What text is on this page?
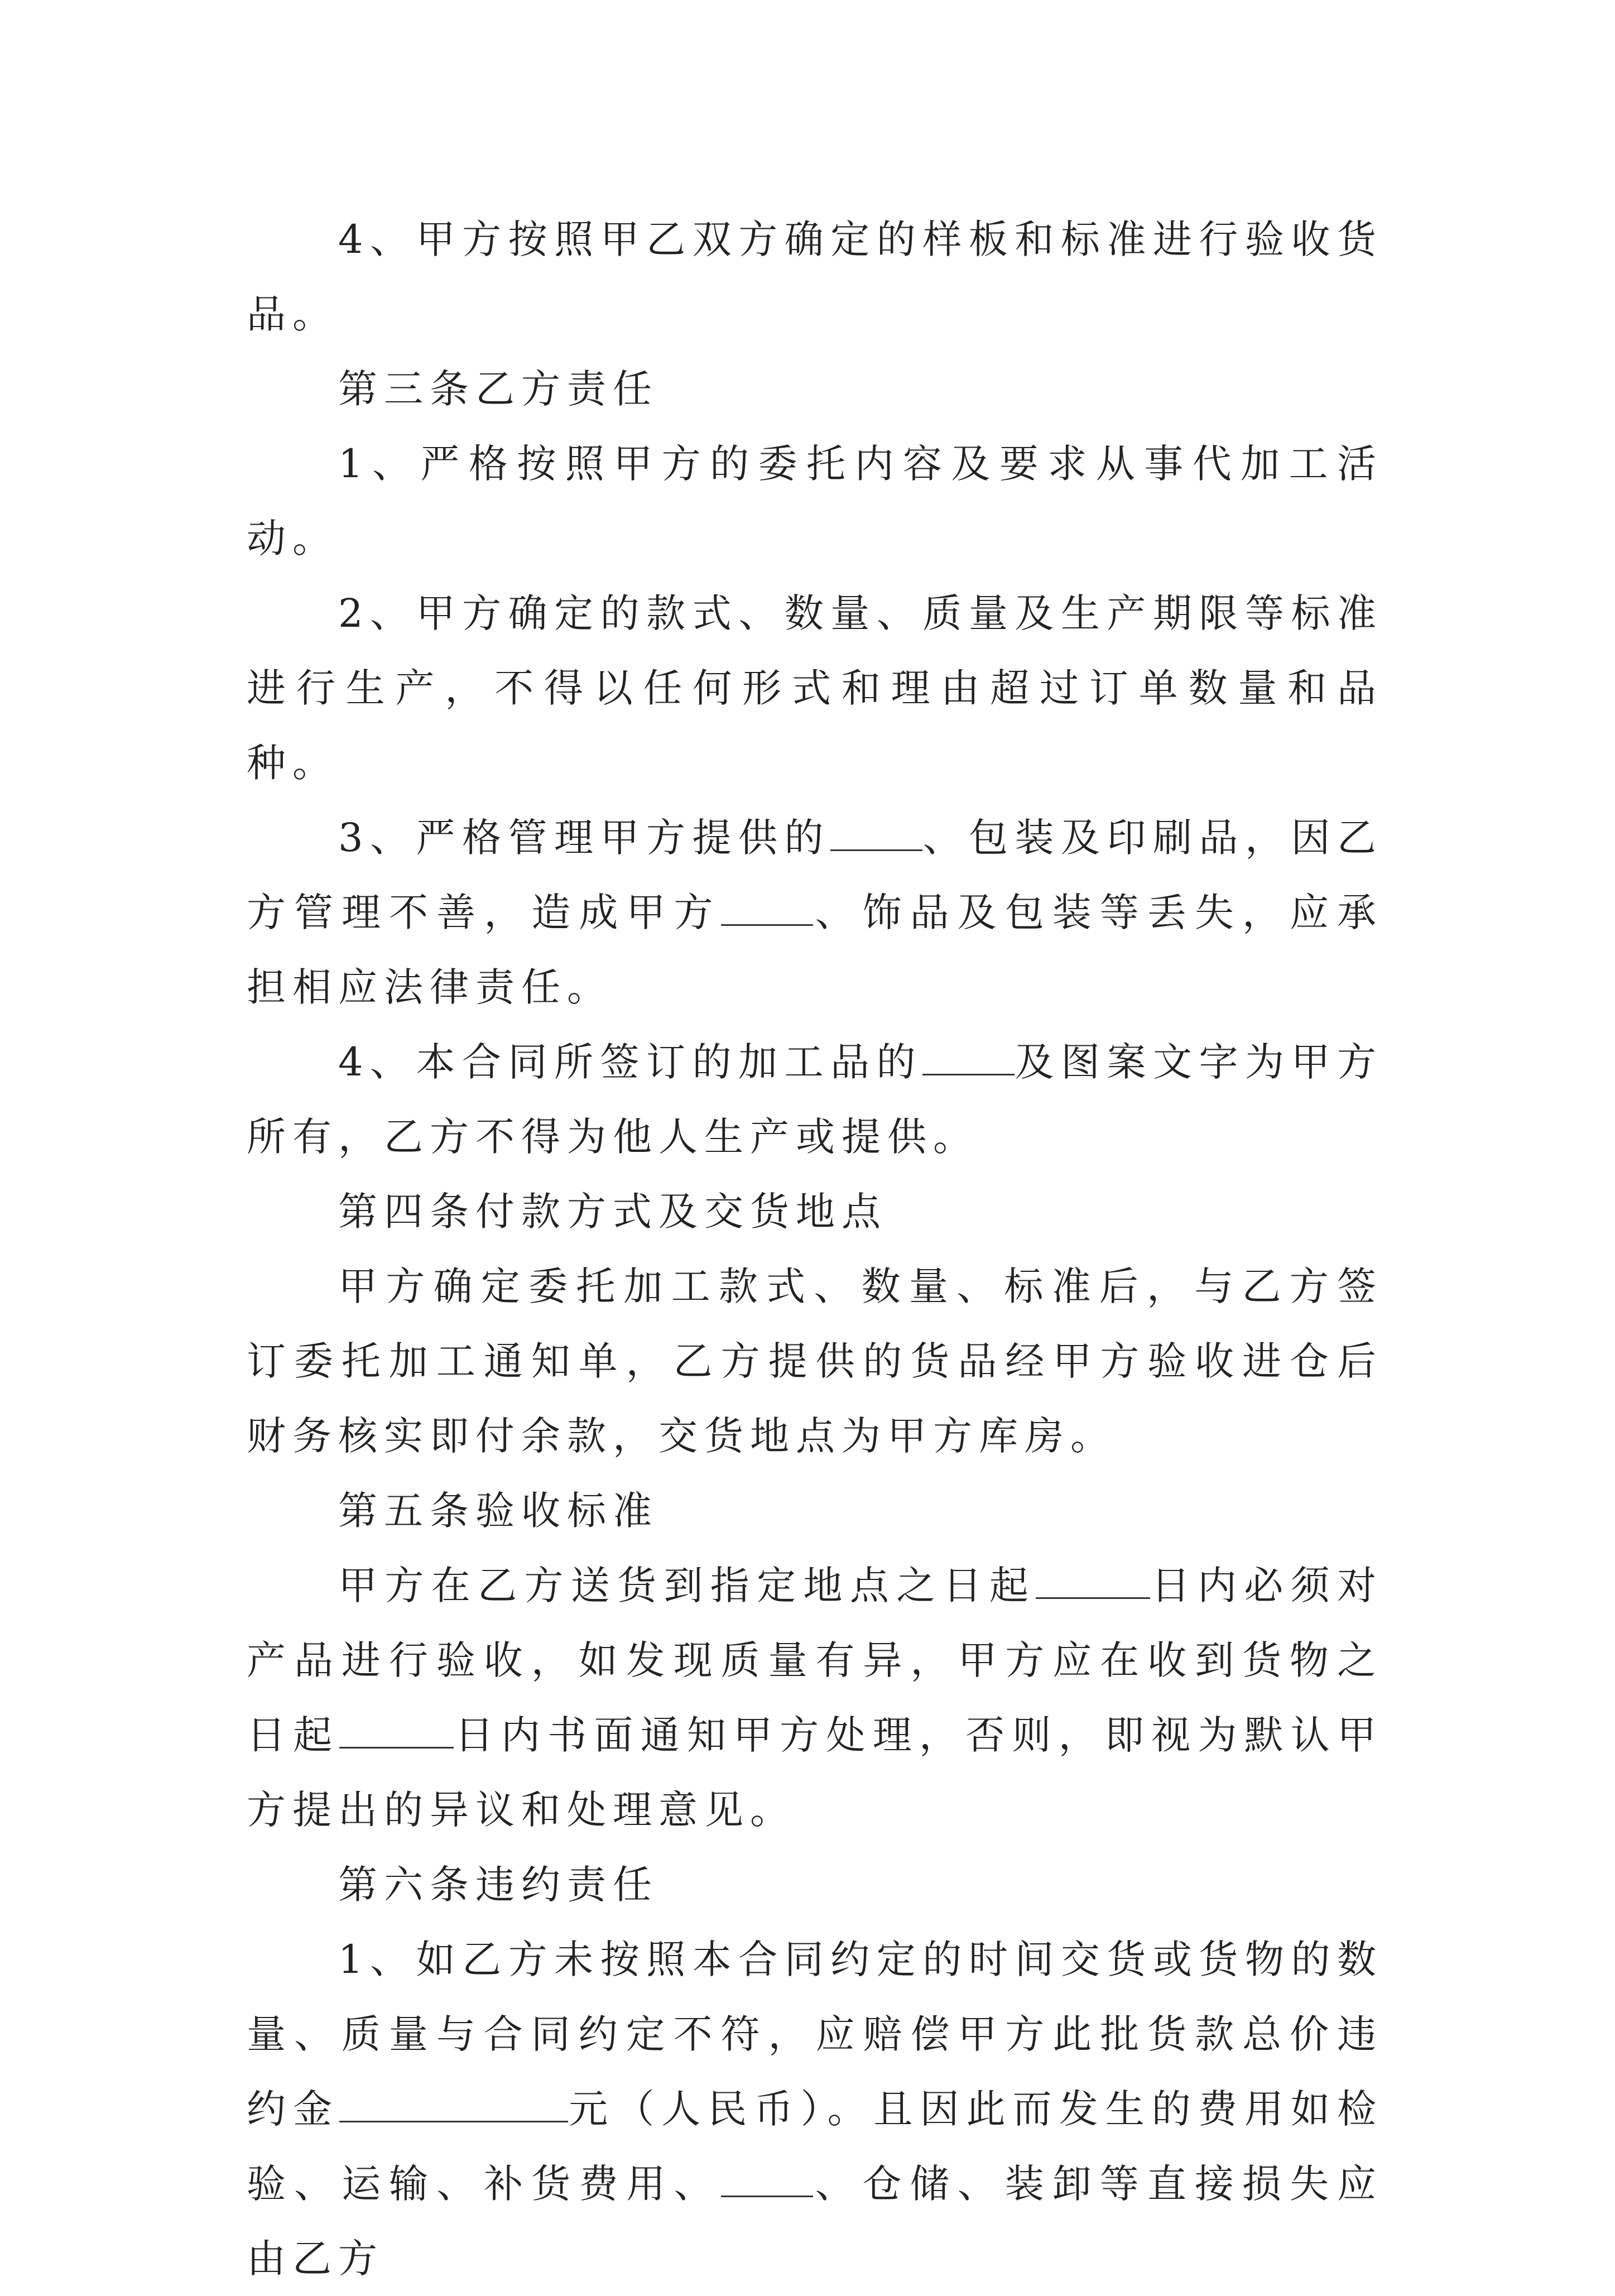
4、甲方按照甲乙双方确定的样板和标准进行验收货品。

第三条乙方责任

1、严格按照甲方的委托内容及要求从事代加工活动。

2、甲方确定的款式、数量、质量及生产期限等标准进行生产，不得以任何形式和理由超过订单数量和品种。

3、严格管理甲方提供的 、包装及印刷品，因乙方管理不善，造成甲方 、饰品及包装等丢失，应承担相应法律责任。

4、本合同所签订的加工品的 及图案文字为甲方所有，乙方不得为他人生产或提供。

第四条付款方式及交货地点

甲方确定委托加工款式、数量、标准后，与乙方签订委托加工通知单，乙方提供的货品经甲方验收进仓后财务核实即付余款，交货地点为甲方库房。

第五条验收标准

甲方在乙方送货到指定地点之日起	日内必须对产品进行验收，如发现质量有异，甲方应在收到货物之日起	日内书面通知甲方处理，否则，即视为默认甲方提出的异议和处理意见。

第六条违约责任

1、如乙方未按照本合同约定的时间交货或货物的数量、质量与合同约定不符，应赔偿甲方此批货款总价违约金	元（人民币）。且因此而发生的费用如检验、运输、补货费用、 、仓储、装卸等直接损失应由乙方
